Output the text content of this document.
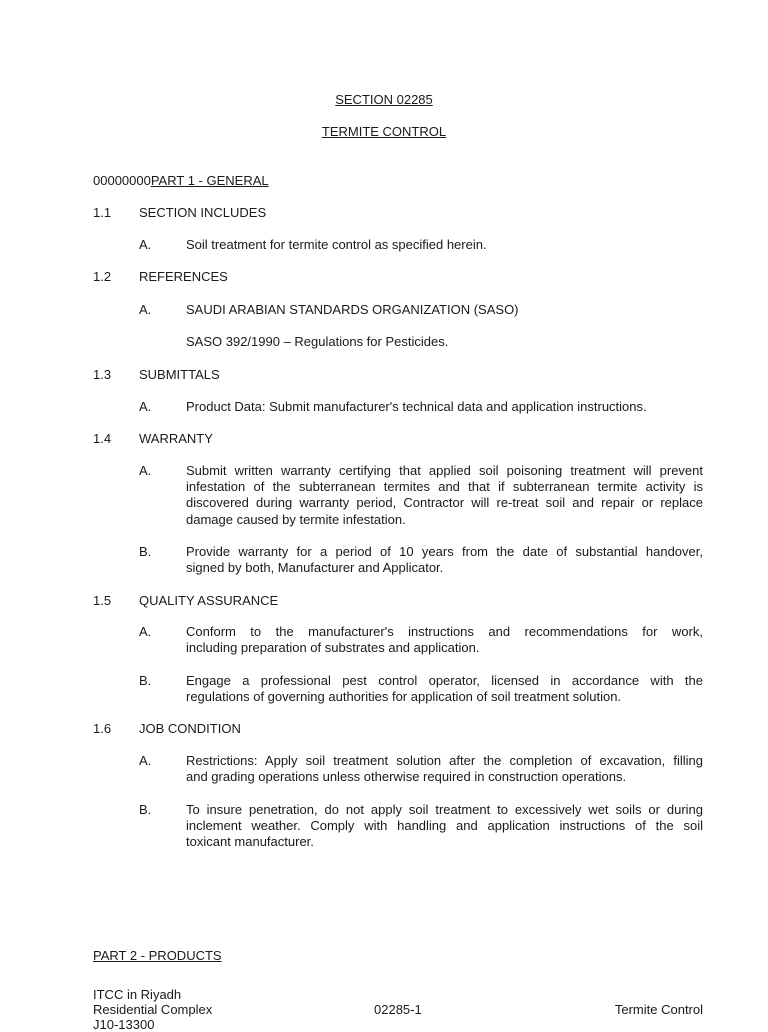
SECTION 02285
TERMITE CONTROL
00000000PART 1 - GENERAL
1.1 SECTION INCLUDES
A.	Soil treatment for termite control as specified herein.
1.2 REFERENCES
A.	SAUDI ARABIAN STANDARDS ORGANIZATION (SASO)
SASO 392/1990 – Regulations for Pesticides.
1.3 SUBMITTALS
A.	Product Data: Submit manufacturer's technical data and application instructions.
1.4 WARRANTY
A.	Submit written warranty certifying that applied soil poisoning treatment will prevent
infestation of the subterranean termites and that if subterranean termite activity is
discovered during warranty period, Contractor will re-treat soil and repair or replace
damage caused by termite infestation.
B.	Provide warranty for a period of 10 years from the date of substantial handover,
signed by both, Manufacturer and Applicator.
1.5 QUALITY ASSURANCE
A.	Conform to the manufacturer's instructions and recommendations for work,
including preparation of substrates and application.
B.	Engage a professional pest control operator, licensed in accordance with the
regulations of governing authorities for application of soil treatment solution.
1.6 JOB CONDITION
A.	Restrictions: Apply soil treatment solution after the completion of excavation, filling
and grading operations unless otherwise required in construction operations.
B.	To insure penetration, do not apply soil treatment to excessively wet soils or during
inclement weather. Comply with handling and application instructions of the soil
toxicant manufacturer.
PART 2 - PRODUCTS
ITCC in Riyadh
Residential Complex
J10-13300
02285-1	Termite Control
